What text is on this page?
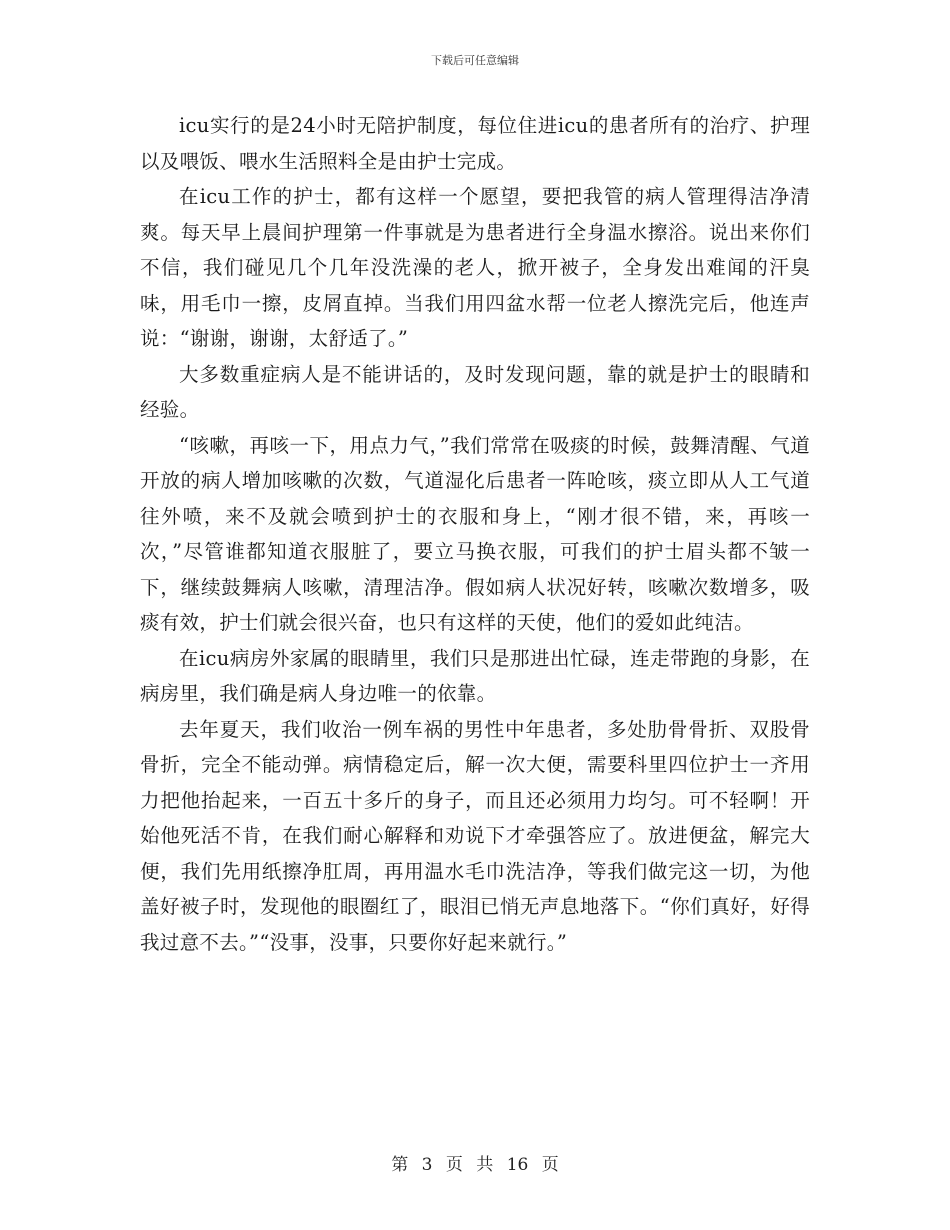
下载后可任意编辑

icu实行的是24小时无陪护制度，每位住进icu的患者所有的治疗、护理以及喂饭、喂水生活照料全是由护士完成。

在icu工作的护士，都有这样一个愿望，要把我管的病人管理得洁净清爽。每天早上晨间护理第一件事就是为患者进行全身温水擦浴。说出来你们不信，我们碰见几个几年没洗澡的老人，掀开被子，全身发出难闻的汗臭味，用毛巾一擦，皮屑直掉。当我们用四盆水帮一位老人擦洗完后，他连声说：“谢谢，谢谢，太舒适了。”

大多数重症病人是不能讲话的，及时发现问题，靠的就是护士的眼睛和经验。

“咳嗽，再咳一下，用点力气，”我们常常在吸痰的时候，鼓舞清醒、气道开放的病人增加咳嗽的次数，气道湿化后患者一阵呛咳，痰立即从人工气道往外喷，来不及就会喷到护士的衣服和身上，“刚才很不错，来，再咳一次，”尽管谁都知道衣服脏了，要立马换衣服，可我们的护士眉头都不皱一下，继续鼓舞病人咳嗽，清理洁净。假如病人状况好转，咳嗽次数增多，吸痰有效，护士们就会很兴奋，也只有这样的天使，他们的爱如此纯洁。

在icu病房外家属的眼睛里，我们只是那进出忙碌，连走带跑的身影，在病房里，我们确是病人身边唯一的依靠。

去年夏天，我们收治一例车祸的男性中年患者，多处肋骨骨折、双股骨骨折，完全不能动弹。病情稳定后，解一次大便，需要科里四位护士一齐用力把他抬起来，一百五十多斤的身子，而且还必须用力均匀。可不轻啊！开始他死活不肯，在我们耐心解释和劝说下才牵强答应了。放进便盆，解完大便，我们先用纸擦净肛周，再用温水毛巾洗洁净，等我们做完这一切，为他盖好被子时，发现他的眼圈红了，眼泪已悄无声息地落下。“你们真好，好得我过意不去。”“没事，没事，只要你好起来就行。”

第 3 页 共 16 页
